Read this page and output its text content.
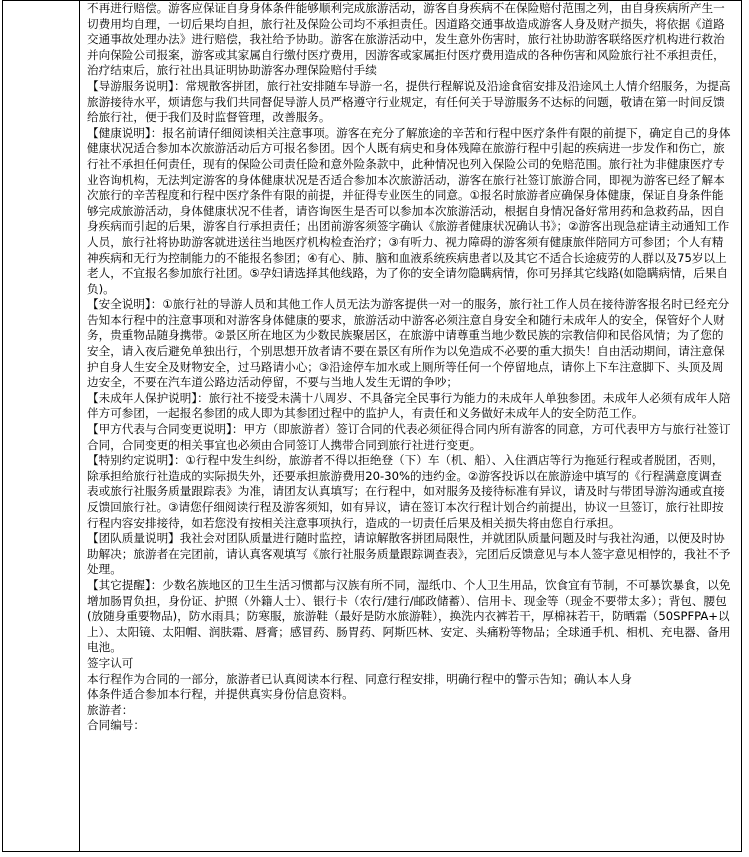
不再进行赔偿。游客应保证自身身体条件能够顺利完成旅游活动，游客自身疾病不在保险赔付范围之列，由自身疾病所产生一切费用均自理，一切后果均自担，旅行社及保险公司均不承担责任。因道路交通事故造成游客人身及财产损失，将依据《道路交通事故处理办法》进行赔偿，我社给予协助。游客在旅游活动中，发生意外伤害时，旅行社协助游客联络医疗机构进行救治并向保险公司报案，游客或其家属自行缴付医疗费用，因游客或家属拒付医疗费用造成的各种伤害和风险旅行社不承担责任，治疗结束后，旅行社出具证明协助游客办理保险赔付手续

【导游服务说明】：常规散客拼团，旅行社安排随车导游一名，提供行程解说及沿途食宿安排及沿途风土人情介绍服务，为提高旅游接待水平，烦请您与我们共同督促导游人员严格遵守行业规定，有任何关于导游服务不达标的问题，敬请在第一时间反馈给旅行社，便于我们及时监督管理，改善服务。

【健康说明】：报名前请仔细阅读相关注意事项。游客在充分了解旅途的辛苦和行程中医疗条件有限的前提下，确定自己的身体健康状况适合参加本次旅游活动后方可报名参团。因个人既有病史和身体残障在旅游行程中引起的疾病进一步发作和伤亡，旅行社不承担任何责任，现有的保险公司责任险和意外险条款中，此种情况也列入保险公司的免赔范围。旅行社为非健康医疗专业咨询机构，无法判定游客的身体健康状况是否适合参加本次旅游活动，游客在旅行社签订旅游合同，即视为游客已经了解本次旅行的辛苦程度和行程中医疗条件有限的前提，并征得专业医生的同意。①报名时旅游者应确保身体健康，保证自身条件能够完成旅游活动，身体健康状况不佳者，请咨询医生是否可以参加本次旅游活动，根据自身情况备好常用药和急救药品，因自身疾病而引起的后果，游客自行承担责任；出团前游客须签字确认《旅游者健康状况确认书》；②游客出现急症请主动通知工作人员，旅行社将协助游客就进送往当地医疗机构检查治疗；③有听力、视力障碍的游客须有健康旅伴陪同方可参团；个人有精神疾病和无行为控制能力的不能报名参团；④有心、肺、脑和血液系统疾病患者以及其它不适合长途疲劳的人群以及75岁以上老人，不宜报名参加旅行社团。⑤孕妇请选择其他线路，为了你的安全请勿隐瞒病情，你可另择其它线路(如隐瞒病情，后果自负)。

【安全说明】：①旅行社的导游人员和其他工作人员无法为游客提供一对一的服务，旅行社工作人员在接待游客报名时已经充分告知本行程中的注意事项和对游客身体健康的要求，旅游活动中游客必须注意自身安全和随行未成年人的安全，保管好个人财务，贵重物品随身携带。②景区所在地区为少数民族聚居区，在旅游中请尊重当地少数民族的宗教信仰和民俗风情；为了您的安全，请入夜后避免单独出行，个别思想开放者请不要在景区有所作为以免造成不必要的重大损失！自由活动期间，请注意保护自身人生安全及财物安全，过马路请小心；③沿途停车加水或上厕所等任何一个停留地点，请你上下车注意脚下、头顶及周边安全，不要在汽车道公路边活动停留，不要与当地人发生无谓的争吵；

【未成年人保护说明】：旅行社不接受未满十八周岁、不具备完全民事行为能力的未成年人单独参团。未成年人必须有成年人陪伴方可参团，一起报名参团的成人即为其参团过程中的监护人，有责任和义务做好未成年人的安全防范工作。

【甲方代表与合同变更说明】：甲方（即旅游者）签订合同的代表必须征得合同内所有游客的同意，方可代表甲方与旅行社签订合同，合同变更的相关事宜也必须由合同签订人携带合同到旅行社进行变更。

【特别约定说明】：①行程中发生纠纷，旅游者不得以拒绝登（下）车（机、船）、入住酒店等行为拖延行程或者脱团，否则，除承担给旅行社造成的实际损失外，还要承担旅游费用20-30%的违约金。②游客投诉以在旅游途中填写的《行程满意度调查表或旅行社服务质量跟踪表》为准，请团友认真填写；在行程中，如对服务及接待标准有异议，请及时与带团导游沟通或直接反馈回旅行社。③请您仔细阅读行程及游客须知，如有异议，请在签订本次行程计划合约前提出，协议一旦签订，旅行社即按行程内容安排接待，如若您没有按相关注意事项执行，造成的一切责任后果及相关损失将由您自行承担。

【团队质量说明】我社会对团队质量进行随时监控，请谅解散客拼团局限性，并就团队质量问题及时与我社沟通，以便及时协助解决；旅游者在完团前，请认真客观填写《旅行社服务质量跟踪调查表》，完团后反馈意见与本人签字意见相悖的，我社不予处理。

【其它提醒】：少数名族地区的卫生生活习惯都与汉族有所不同，湿纸巾、个人卫生用品，饮食宜有节制，不可暴饮暴食，以免增加肠胃负担，身份证、护照（外籍人士）、银行卡（农行/建行/邮政储蓄）、信用卡、现金等（现金不要带太多）；背包、腰包(放随身重要物品)，防水雨具；防寒服，旅游鞋（最好是防水旅游鞋），换洗内衣裤若干，厚棉袜若干，防晒霜（50SPFPA+以上）、太阳镜、太阳帽、润肤霜、唇膏；感冒药、肠胃药、阿斯匹林、安定、头痛粉等物品；全球通手机、相机、充电器、备用电池。

签字认可

本行程作为合同的一部分，旅游者已认真阅读本行程、同意行程安排，明确行程中的警示告知；确认本人身

体条件适合参加本行程，并提供真实身份信息资料。

旅游者：

合同编号：
